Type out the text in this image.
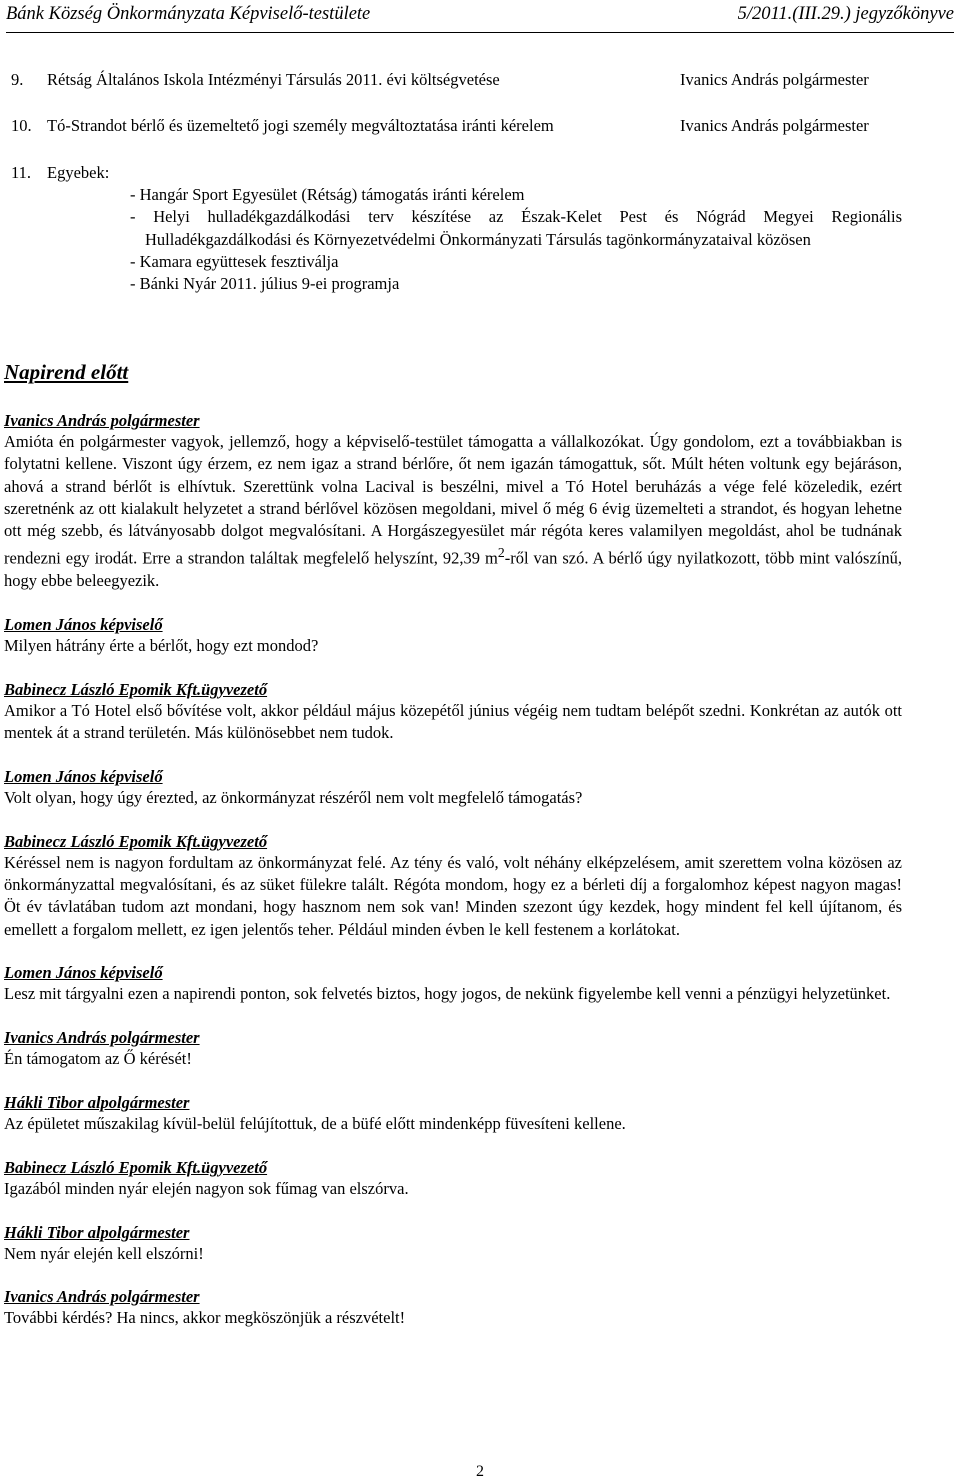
Bánk Község Önkormányzata Képviselő-testülete	5/2011.(III.29.) jegyzőkönyve
9. Rétság Általános Iskola Intézményi Társulás 2011. évi költségvetése	Ivanics András polgármester
10. Tó-Strandot bérlő és üzemeltető jogi személy megváltoztatása iránti kérelem	Ivanics András polgármester
11. Egyebek:
- Hangár Sport Egyesület (Rétság) támogatás iránti kérelem
- Helyi hulladékgazdálkodási terv készítése az Észak-Kelet Pest és Nógrád Megyei Regionális Hulladékgazdálkodási és Környezetvédelmi Önkormányzati Társulás tagönkormányzataival közösen
- Kamara együttesek fesztiválja
- Bánki Nyár 2011. július 9-ei programja
Napirend előtt
Ivanics András polgármester

Amióta én polgármester vagyok, jellemző, hogy a képviselő-testület támogatta a vállalkozókat. Úgy gondolom, ezt a továbbiakban is folytatni kellene. Viszont úgy érzem, ez nem igaz a strand bérlőre, őt nem igazán támogattuk, sőt. Múlt héten voltunk egy bejáráson, ahová a strand bérlőt is elhívtuk. Szerettünk volna Lacival is beszélni, mivel a Tó Hotel beruházás a vége felé közeledik, ezért szeretnénk az ott kialakult helyzetet a strand bérlővel közösen megoldani, mivel ő még 6 évig üzemelteti a strandot, és hogyan lehetne ott még szebb, és látványosabb dolgot megvalósítani. A Horgászegyesület már régóta keres valamilyen megoldást, ahol be tudnának rendezni egy irodát. Erre a strandon találtak megfelelő helyszínt, 92,39 $m^2$-ről van szó. A bérlő úgy nyilatkozott, több mint valószínű, hogy ebbe beleegyezik.

Lomen János képviselő

Milyen hátrány érte a bérlőt, hogy ezt mondod?

Babinecz László Epomik Kft.ügyvezető

Amikor a Tó Hotel első bővítése volt, akkor például május közepétől június végéig nem tudtam belépőt szedni. Konkrétan az autók ott mentek át a strand területén. Más különösebbet nem tudok.

Lomen János képviselő

Volt olyan, hogy úgy érezted, az önkormányzat részéről nem volt megfelelő támogatás?

Babinecz László Epomik Kft.ügyvezető

Kéréssel nem is nagyon fordultam az önkormányzat felé. Az tény és való, volt néhány elképzelésem, amit szerettem volna közösen az önkormányzattal megvalósítani, és az süket fülekre talált. Régóta mondom, hogy ez a bérleti díj a forgalomhoz képest nagyon magas! Öt év távlatában tudom azt mondani, hogy hasznom nem sok van! Minden szezont úgy kezdek, hogy mindent fel kell újítanom, és emellett a forgalom mellett, ez igen jelentős teher. Például minden évben le kell festenem a korlátokat.

Lomen János képviselő

Lesz mit tárgyalni ezen a napirendi ponton, sok felvetés biztos, hogy jogos, de nekünk figyelembe kell venni a pénzügyi helyzetünket.

Ivanics András polgármester

Én támogatom az Ő kérését!

Hákli Tibor alpolgármester

Az épületet műszakilag kívül-belül felújítottuk, de a büfé előtt mindenképp füvesíteni kellene.

Babinecz László Epomik Kft.ügyvezető

Igazából minden nyár elején nagyon sok fűmag van elszórva.

Hákli Tibor alpolgármester

Nem nyár elején kell elszórni!

Ivanics András polgármester

További kérdés? Ha nincs, akkor megköszönjük a részvételt!

2
